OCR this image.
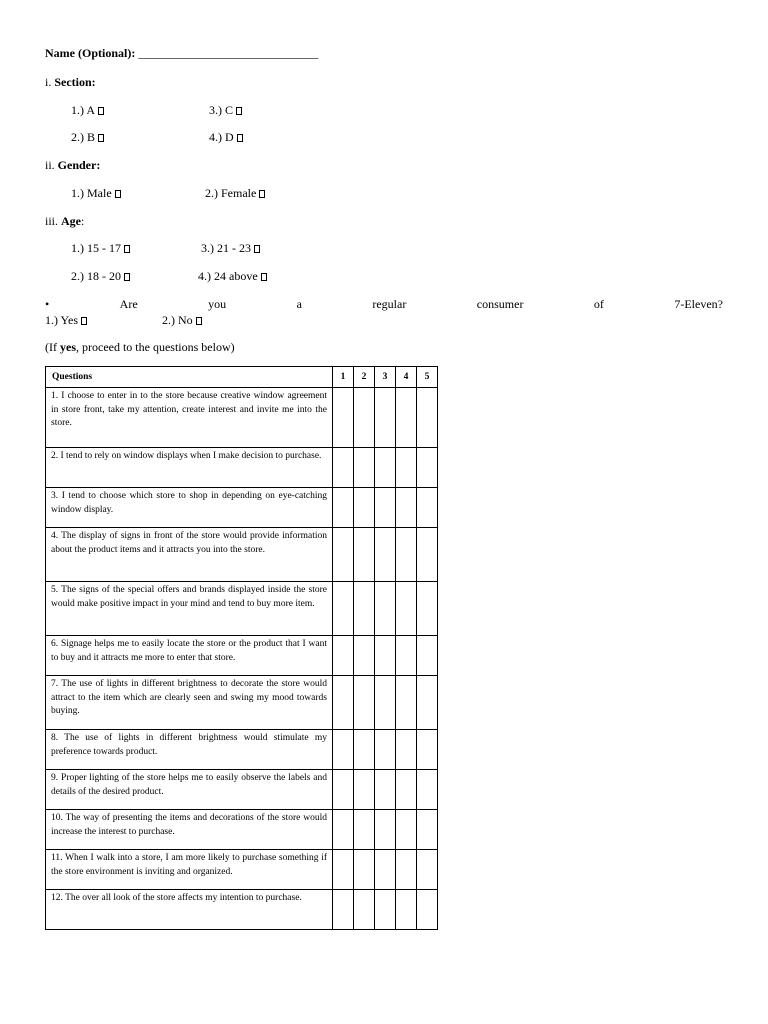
Name (Optional): ______________________________
i. Section:
1.) A	3.) C
2.) B	4.) D
ii. Gender:
1.) Male	2.) Female
iii. Age:
1.) 15 - 17	3.) 21 - 23
2.) 18 - 20	4.) 24 above
•	Are	you	a	regular	consumer	of	7-Eleven?
1.) Yes	2.) No
(If yes, proceed to the questions below)
Questions	1	2	3	4	5
1. I choose to enter in to the store because creative window agreement in store front, take my attention, create interest and invite me into the store.					
2. I tend to rely on window displays when I make decision to purchase.					
3. I tend to choose which store to shop in depending on eye-catching window display.					
4. The display of signs in front of the store would provide information about the product items and it attracts you into the store.					
5. The signs of the special offers and brands displayed inside the store would make positive impact in your mind and tend to buy more item.					
6. Signage helps me to easily locate the store or the product that I want to buy and it attracts me more to enter that store.					
7. The use of lights in different brightness to decorate the store would attract to the item which are clearly seen and swing my mood towards buying.					
8. The use of lights in different brightness would stimulate my preference towards product.					
9. Proper lighting of the store helps me to easily observe the labels and details of the desired product.					
10. The way of presenting the items and decorations of the store would increase the interest to purchase.					
11. When I walk into a store, I am more likely to purchase something if the store environment is inviting and organized.					
12. The over all look of the store affects my intention to purchase.					
